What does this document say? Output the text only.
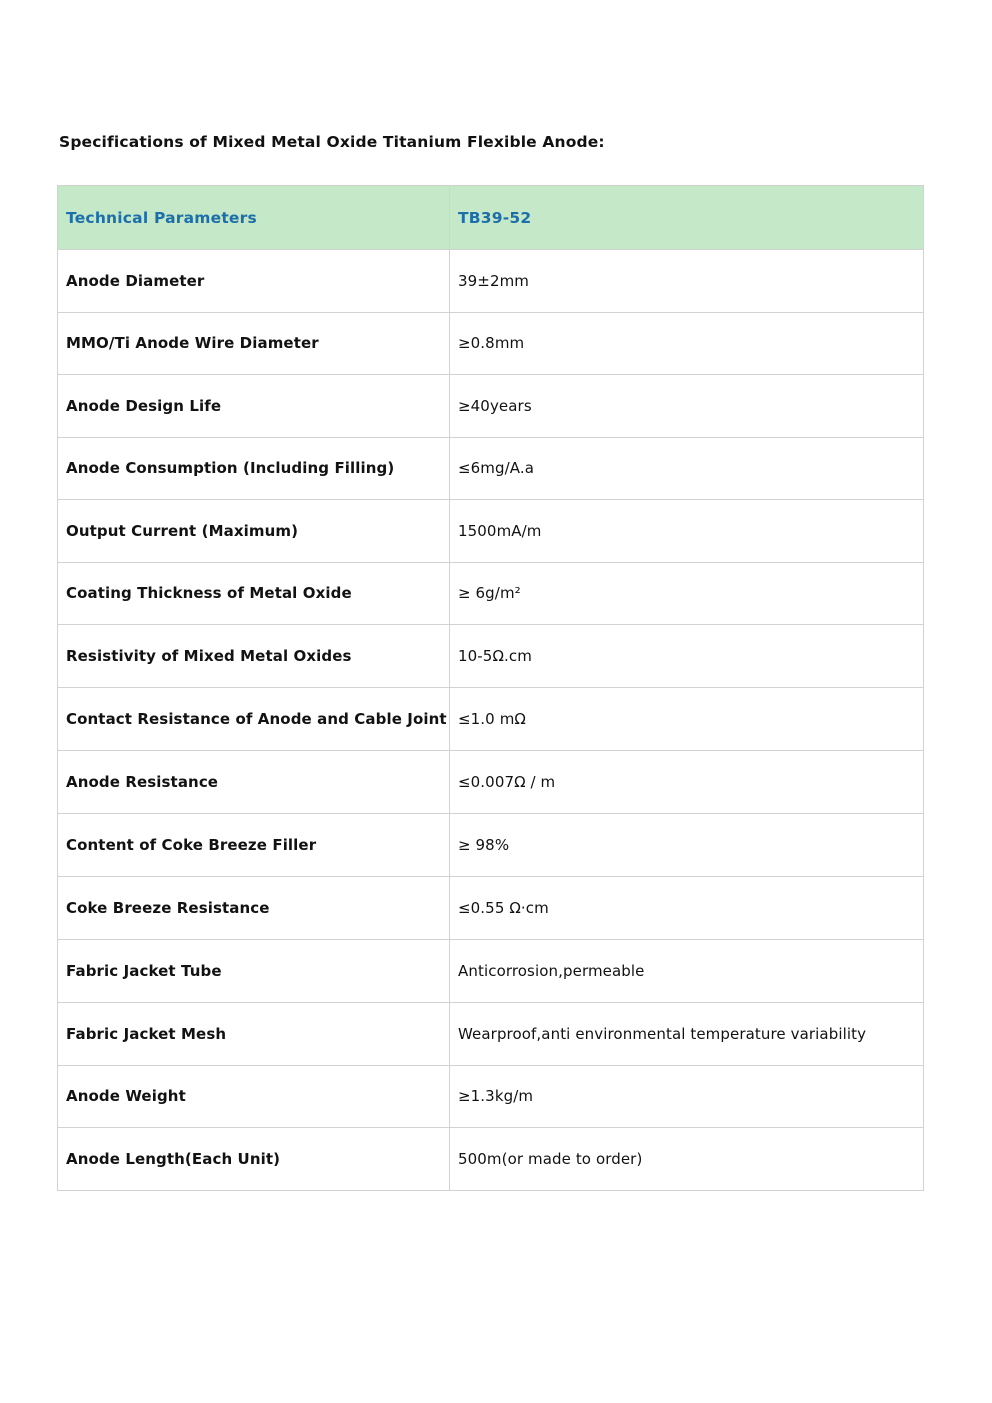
Specifications of Mixed Metal Oxide Titanium Flexible Anode:
Technical Parameters	TB39-52
Anode Diameter	39±2mm
MMO/Ti Anode Wire Diameter	≥0.8mm
Anode Design Life	≥40years
Anode Consumption (Including Filling)	≤6mg/A.a
Output Current (Maximum)	1500mA/m
Coating Thickness of Metal Oxide	≥ 6g/m²
Resistivity of Mixed Metal Oxides	10-5Ω.cm
Contact Resistance of Anode and Cable Joint	≤1.0 mΩ
Anode Resistance	≤0.007Ω / m
Content of Coke Breeze Filler	≥ 98%
Coke Breeze Resistance	≤0.55 Ω·cm
Fabric Jacket Tube	Anticorrosion,permeable
Fabric Jacket Mesh	Wearproof,anti environmental temperature variability
Anode Weight	≥1.3kg/m
Anode Length(Each Unit)	500m(or made to order)
